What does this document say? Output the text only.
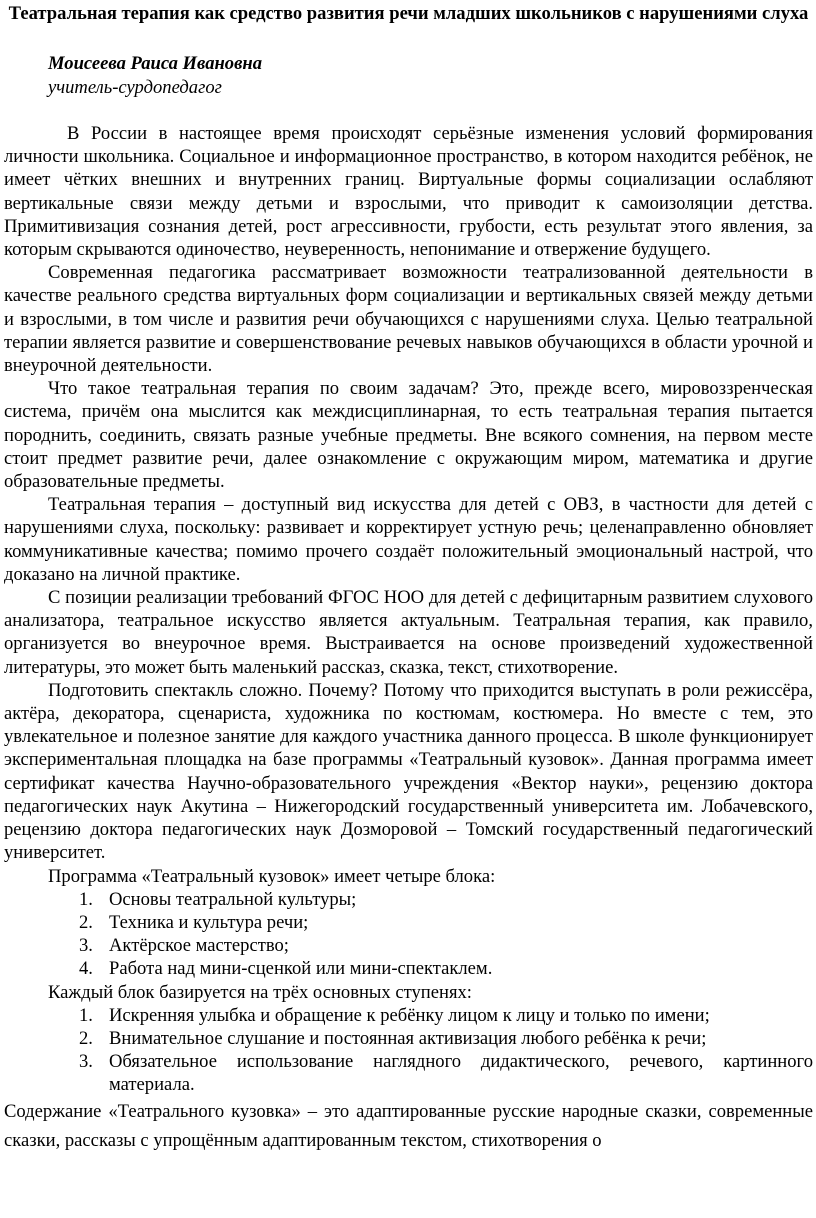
Театральная терапия как средство развития речи младших школьников с нарушениями слуха
Моисеева Раиса Ивановна
учитель-сурдопедагог

В России в настоящее время происходят серьёзные изменения условий формирования личности школьника. Социальное и информационное пространство, в котором находится ребёнок, не имеет чётких внешних и внутренних границ. Виртуальные формы социализации ослабляют вертикальные связи между детьми и взрослыми, что приводит к самоизоляции детства. Примитивизация сознания детей, рост агрессивности, грубости, есть результат этого явления, за которым скрываются одиночество, неуверенность, непонимание и отвержение будущего.

Современная педагогика рассматривает возможности театрализованной деятельности в качестве реального средства виртуальных форм социализации и вертикальных связей между детьми и взрослыми, в том числе и развития речи обучающихся с нарушениями слуха. Целью театральной терапии является развитие и совершенствование речевых навыков обучающихся в области урочной и внеурочной деятельности.

Что такое театральная терапия по своим задачам? Это, прежде всего, мировоззренческая система, причём она мыслится как междисциплинарная, то есть театральная терапия пытается породнить, соединить, связать разные учебные предметы. Вне всякого сомнения, на первом месте стоит предмет развитие речи, далее ознакомление с окружающим миром, математика и другие образовательные предметы.

Театральная терапия – доступный вид искусства для детей с ОВЗ, в частности для детей с нарушениями слуха, поскольку: развивает и корректирует устную речь; целенаправленно обновляет коммуникативные качества; помимо прочего создаёт положительный эмоциональный настрой, что доказано на личной практике.

С позиции реализации требований ФГОС НОО для детей с дефицитарным развитием слухового анализатора, театральное искусство является актуальным. Театральная терапия, как правило, организуется во внеурочное время. Выстраивается на основе произведений художественной литературы, это может быть маленький рассказ, сказка, текст, стихотворение.

Подготовить спектакль сложно. Почему? Потому что приходится выступать в роли режиссёра, актёра, декоратора, сценариста, художника по костюмам, костюмера. Но вместе с тем, это увлекательное и полезное занятие для каждого участника данного процесса. В школе функционирует экспериментальная площадка на базе программы «Театральный кузовок». Данная программа имеет сертификат качества Научно-образовательного учреждения «Вектор науки», рецензию доктора педагогических наук Акутина – Нижегородский государственный университета им. Лобачевского, рецензию доктора педагогических наук Дозморовой – Томский государственный педагогический университет.

Программа «Театральный кузовок» имеет четыре блока:

Основы театральной культуры;
Техника и культура речи;
Актёрское мастерство;
Работа над мини-сценкой или мини-спектаклем.

Каждый блок базируется на трёх основных ступенях:

Искренняя улыбка и обращение к ребёнку лицом к лицу и только по имени;
Внимательное слушание и постоянная активизация любого ребёнка к речи;
Обязательное использование наглядного дидактического, речевого, картинного материала.

Содержание «Театрального кузовка» – это адаптированные русские народные сказки, современные сказки, рассказы с упрощённым адаптированным текстом, стихотворения о
